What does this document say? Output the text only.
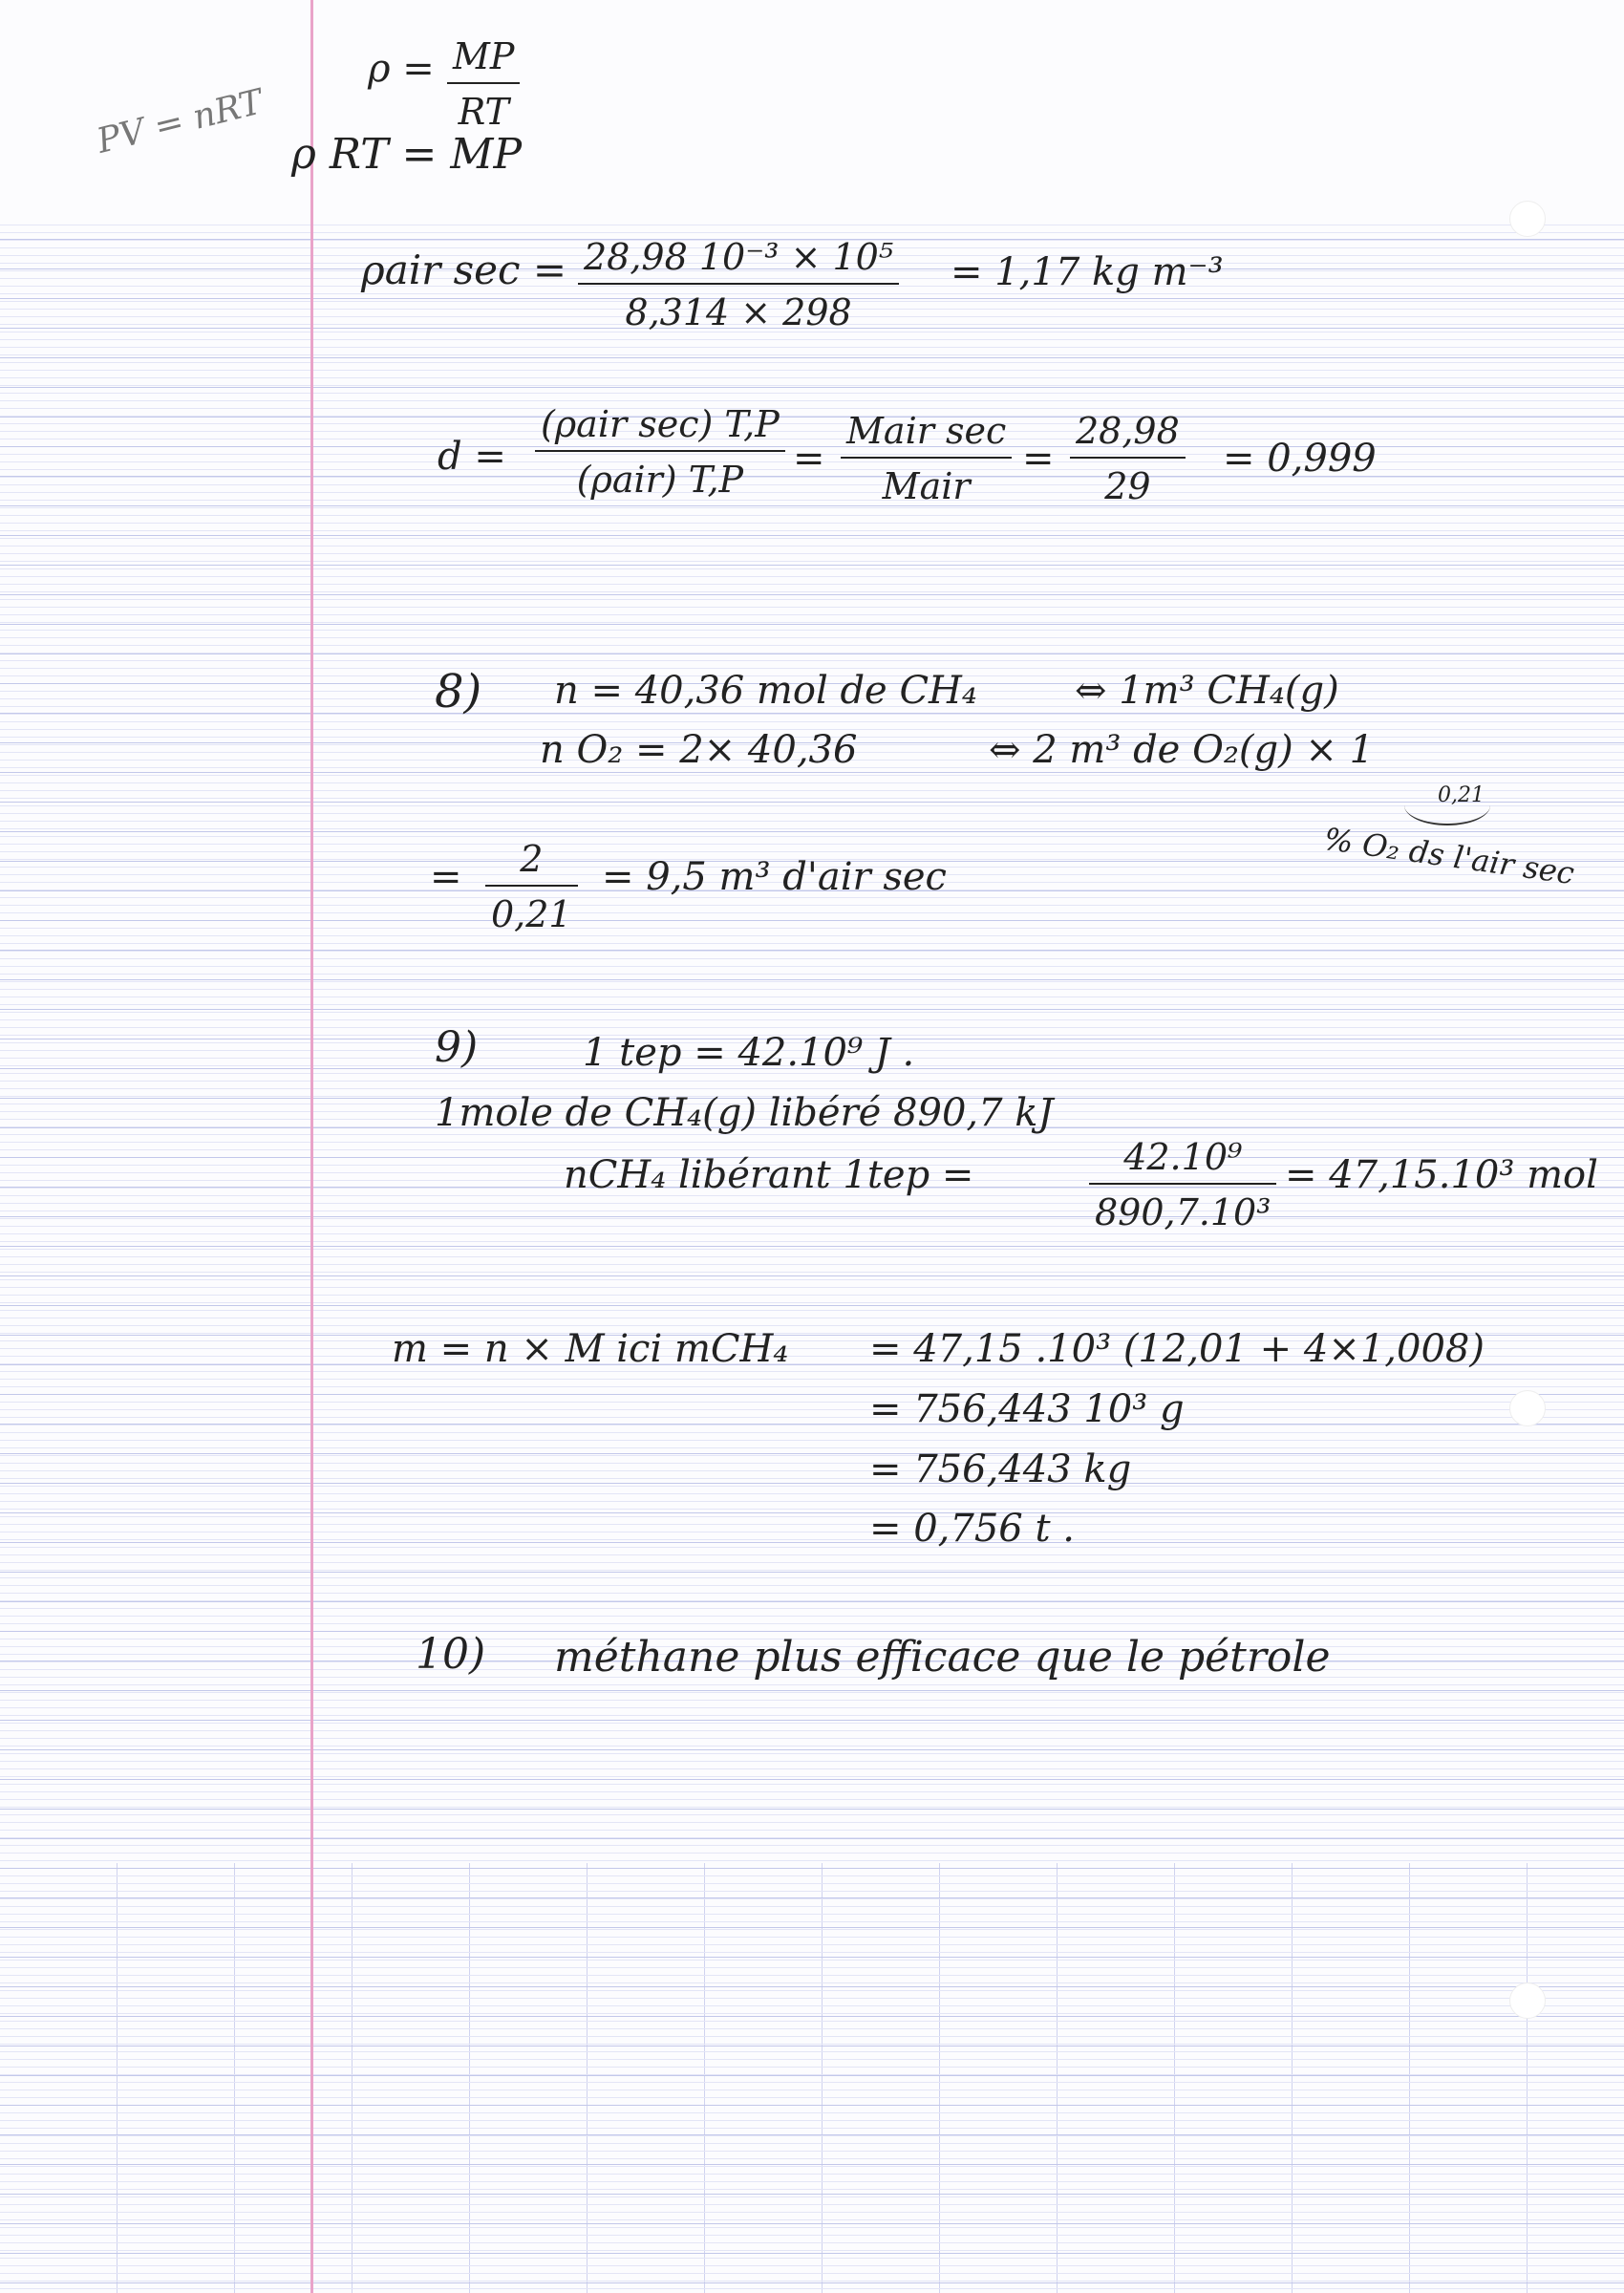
PV = nRT
ρ = MP
RT
ρ RT = MP
ρair sec = 28,98 10⁻³ × 10⁵
8,314 × 298
= 1,17 kg m⁻³
d =
(ρair sec) T,P
(ρair) T,P =
Mair sec
Mair
=
28,98
29
= 0,999
8) n = 40,36 mol de CH₄	⇔ 1m³ CH₄(g)
n O₂ = 2× 40,36	⇔ 2 m³ de O₂(g) × 1
0,21
% O₂ ds l'air sec
= 2
0,21
= 9,5 m³ d'air sec
9)	1 tep = 42.10⁹ J .
1mole de CH₄(g) libéré 890,7 kJ
nCH₄ libérant 1tep =	42.10⁹
890,7.10³
= 47,15.10³ mol
m = n × M ici mCH₄ = 47,15 .10³ (12,01 + 4×1,008)
= 756,443 10³ g
= 756,443 kg
= 0,756 t .
10) méthane plus efficace que le pétrole
